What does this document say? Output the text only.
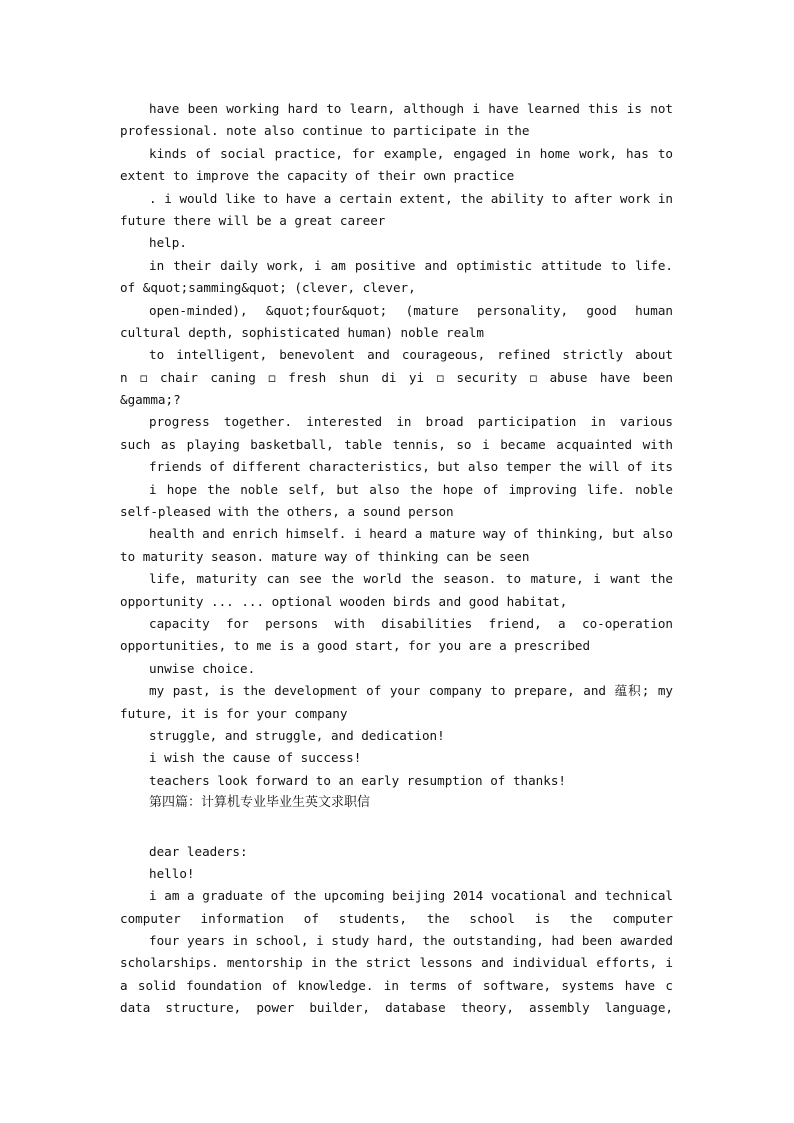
have been working hard to learn, although i have learned this is not
professional. note also continue to participate in the
kinds of social practice, for example, engaged in home work, has to
extent to improve the capacity of their own practice
. i would like to have a certain extent, the ability to after work in
future there will be a great career
help.
in their daily work, i am positive and optimistic attitude to life.
of &quot;samming&quot; (clever, clever,
open-minded), &quot;four&quot; (mature personality, good human
cultural depth, sophisticated human) noble realm
to intelligent, benevolent and courageous, refined strictly about
n ◻ chair caning ◻ fresh shun di yi ◻ security ◻ abuse have been
&gamma;?
progress together. interested in broad participation in various
such as playing basketball, table tennis, so i became acquainted with
friends of different characteristics, but also temper the will of its
i hope the noble self, but also the hope of improving life. noble
self-pleased with the others, a sound person
health and enrich himself. i heard a mature way of thinking, but also
to maturity season. mature way of thinking can be seen
life, maturity can see the world the season. to mature, i want the
opportunity ... ... optional wooden birds and good habitat,
capacity for persons with disabilities friend, a co-operation
opportunities, to me is a good start, for you are a prescribed
unwise choice.
my past, is the development of your company to prepare, and 蕴积; my
future, it is for your company
struggle, and struggle, and dedication!
i wish the cause of success!
teachers look forward to an early resumption of thanks!
第四篇：计算机专业毕业生英文求职信
dear leaders:
hello!
i am a graduate of the upcoming beijing 2014 vocational and technical
computer information of students, the school is the computer
four years in school, i study hard, the outstanding, had been awarded
scholarships. mentorship in the strict lessons and individual efforts, i
a solid foundation of knowledge. in terms of software, systems have c
data structure, power builder, database theory, assembly language,
